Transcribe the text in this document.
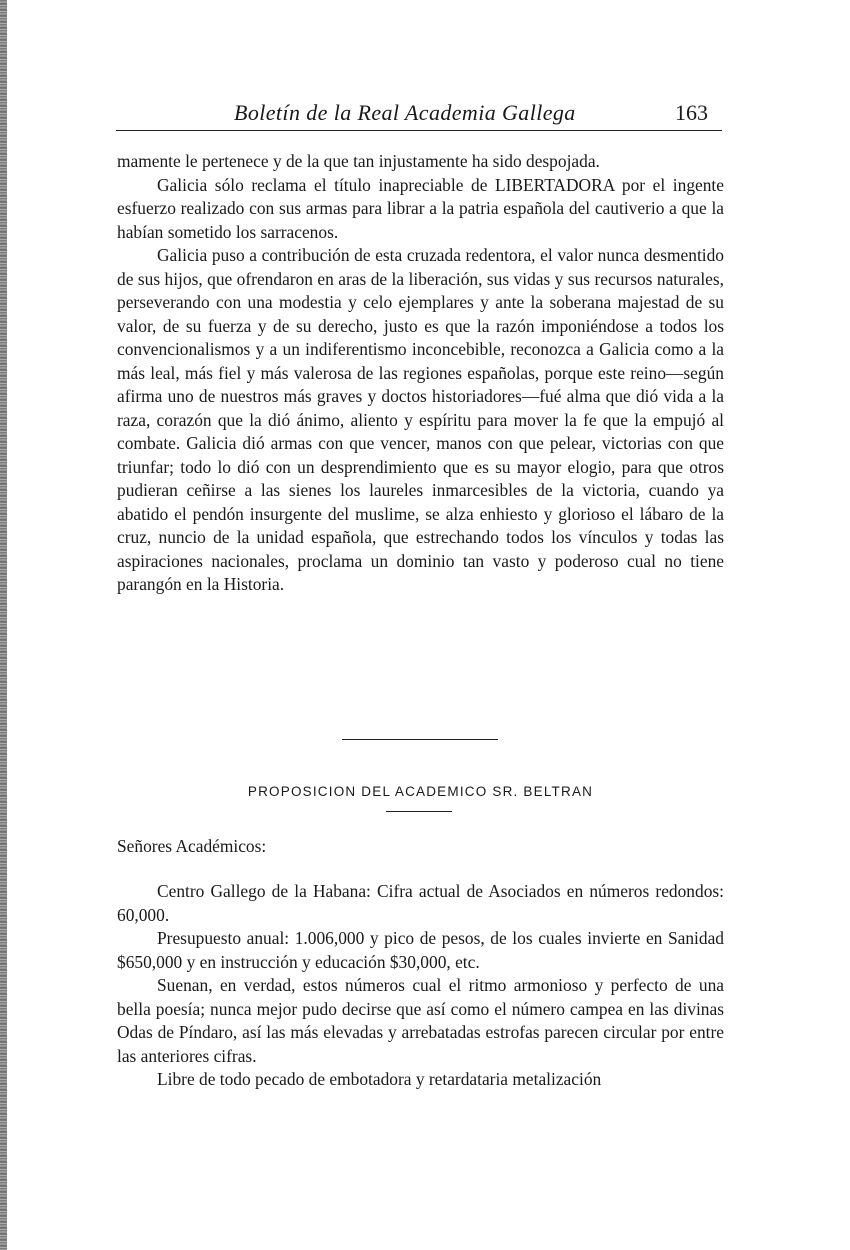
Boletín de la Real Academia Gallega	163

mamente le pertenece y de la que tan injustamente ha sido despojada.

Galicia sólo reclama el título inapreciable de LIBERTADORA por el ingente esfuerzo realizado con sus armas para librar a la patria española del cautiverio a que la habían sometido los sarracenos.

Galicia puso a contribución de esta cruzada redentora, el valor nunca desmentido de sus hijos, que ofrendaron en aras de la liberación, sus vidas y sus recursos naturales, perseverando con una modestia y celo ejemplares y ante la soberana majestad de su valor, de su fuerza y de su derecho, justo es que la razón imponiéndose a todos los convencionalismos y a un indiferentismo inconcebible, reconozca a Galicia como a la más leal, más fiel y más valerosa de las regiones españolas, porque este reino—según afirma uno de nuestros más graves y doctos historiadores—fué alma que dió vida a la raza, corazón que la dió ánimo, aliento y espíritu para mover la fe que la empujó al combate. Galicia dió armas con que vencer, manos con que pelear, victorias con que triunfar; todo lo dió con un desprendimiento que es su mayor elogio, para que otros pudieran ceñirse a las sienes los laureles inmarcesibles de la victoria, cuando ya abatido el pendón insurgente del muslime, se alza enhiesto y glorioso el lábaro de la cruz, nuncio de la unidad española, que estrechando todos los vínculos y todas las aspiraciones nacionales, proclama un dominio tan vasto y poderoso cual no tiene parangón en la Historia.

PROPOSICION DEL ACADEMICO SR. BELTRAN
Señores Académicos:

Centro Gallego de la Habana: Cifra actual de Asociados en números redondos: 60,000.

Presupuesto anual: 1.006,000 y pico de pesos, de los cuales invierte en Sanidad $650,000 y en instrucción y educación $30,000, etc.

Suenan, en verdad, estos números cual el ritmo armonioso y perfecto de una bella poesía; nunca mejor pudo decirse que así como el número campea en las divinas Odas de Píndaro, así las más elevadas y arrebatadas estrofas parecen circular por entre las anteriores cifras.

Libre de todo pecado de embotadora y retardataria metalización
